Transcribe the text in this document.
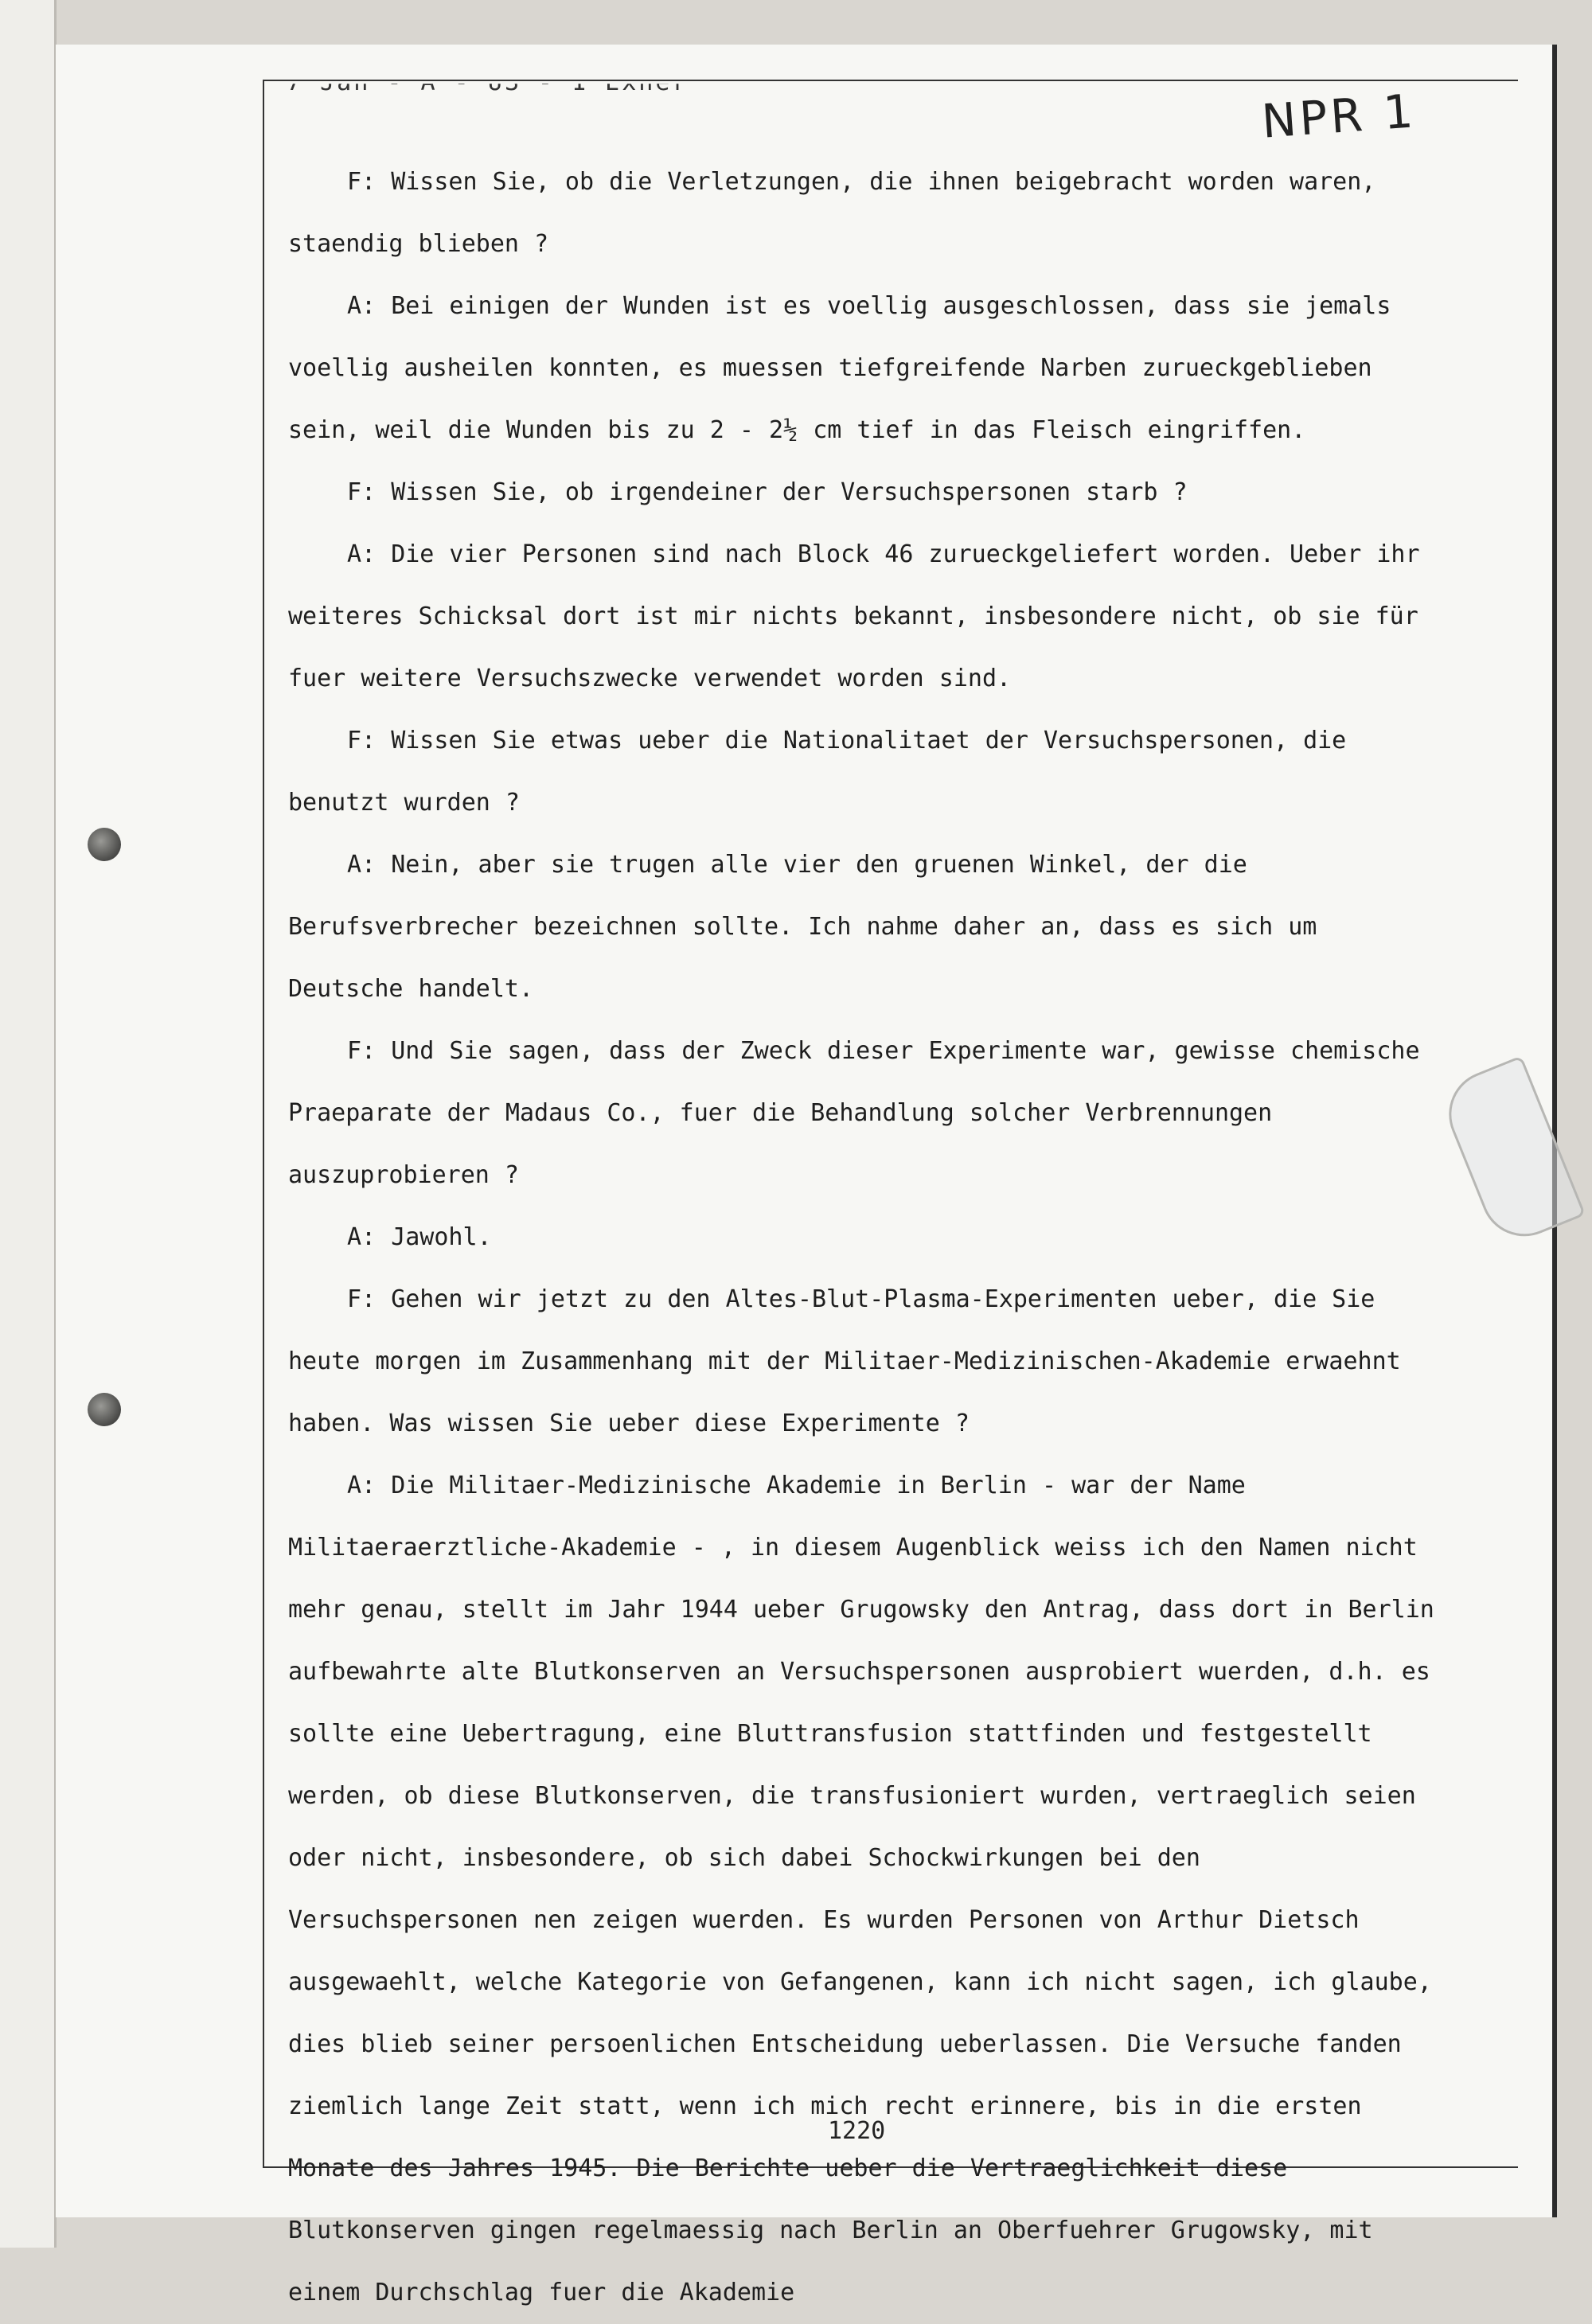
NPR 1

F: Wissen Sie, ob die Verletzungen, die ihnen beigebracht worden waren, staendig blieben ?

A: Bei einigen der Wunden ist es voellig ausgeschlossen, dass sie jemals voellig ausheilen konnten, es muessen tiefgreifende Narben zurueckgeblieben sein, weil die Wunden bis zu 2 - 2½ cm tief in das Fleisch eingriffen.

F: Wissen Sie, ob irgendeiner der Versuchspersonen starb ?

A: Die vier Personen sind nach Block 46 zurueckgeliefert worden. Ueber ihr weiteres Schicksal dort ist mir nichts bekannt, insbesondere nicht, ob sie für fuer weitere Versuchszwecke verwendet worden sind.

F: Wissen Sie etwas ueber die Nationalitaet der Versuchspersonen, die benutzt wurden ?

A: Nein, aber sie trugen alle vier den gruenen Winkel, der die Berufsverbrecher bezeichnen sollte. Ich nahme daher an, dass es sich um Deutsche handelt.

F: Und Sie sagen, dass der Zweck dieser Experimente war, gewisse chemische Praeparate der Madaus Co., fuer die Behandlung solcher Verbrennungen auszuprobieren ?

A: Jawohl.

F: Gehen wir jetzt zu den Altes-Blut-Plasma-Experimenten ueber, die Sie heute morgen im Zusammenhang mit der Militaer-Medizinischen-Akademie erwaehnt haben. Was wissen Sie ueber diese Experimente ?

A: Die Militaer-Medizinische Akademie in Berlin - war der Name Militaeraerztliche-Akademie - , in diesem Augenblick weiss ich den Namen nicht mehr genau, stellt im Jahr 1944 ueber Grugowsky den Antrag, dass dort in Berlin aufbewahrte alte Blutkonserven an Versuchspersonen ausprobiert wuerden, d.h. es sollte eine Uebertragung, eine Bluttransfusion stattfinden und festgestellt werden, ob diese Blutkonserven, die transfusioniert wurden, vertraeglich seien oder nicht, insbesondere, ob sich dabei Schockwirkungen bei den Versuchspersonen nen zeigen wuerden. Es wurden Personen von Arthur Dietsch ausgewaehlt, welche Kategorie von Gefangenen, kann ich nicht sagen, ich glaube, dies blieb seiner persoenlichen Entscheidung ueberlassen. Die Versuche fanden ziemlich lange Zeit statt, wenn ich mich recht erinnere, bis in die ersten Monate des Jahres 1945. Die Berichte ueber die Vertraeglichkeit diese Blutkonserven gingen regelmaessig nach Berlin an Oberfuehrer Grugowsky, mit einem Durchschlag fuer die Akademie

1220
